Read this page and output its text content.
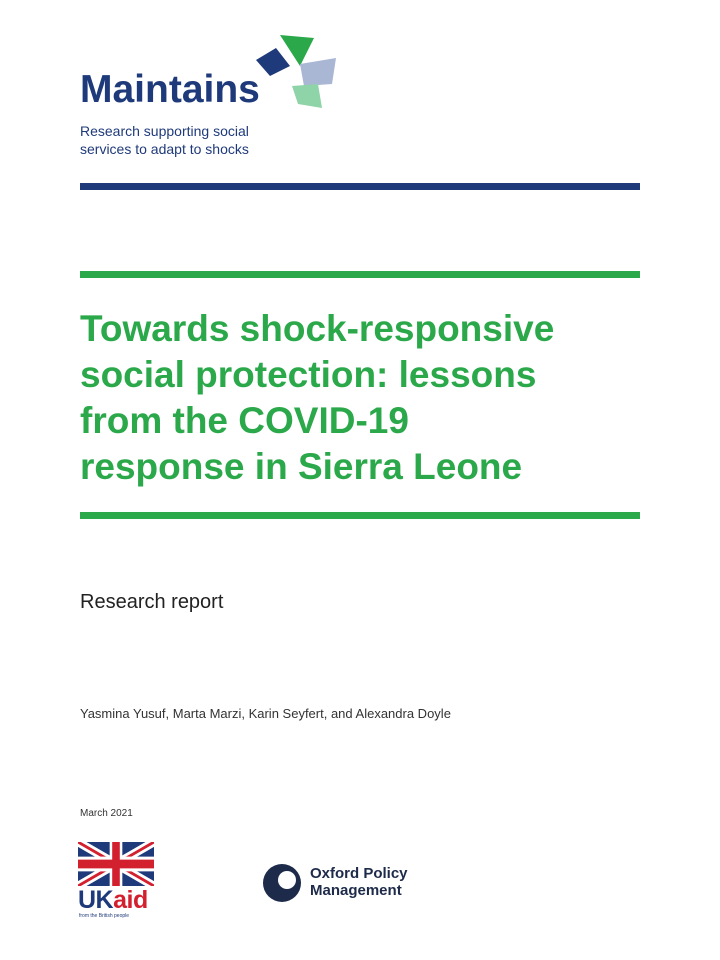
Maintains
Research supporting social
services to adapt to shocks
Towards shock-responsive
social protection: lessons
from the COVID-19
response in Sierra Leone
Research report
Yasmina Yusuf, Marta Marzi, Karin Seyfert, and Alexandra Doyle
March 2021
UKaid
from the British people
Oxford Policy
Management
